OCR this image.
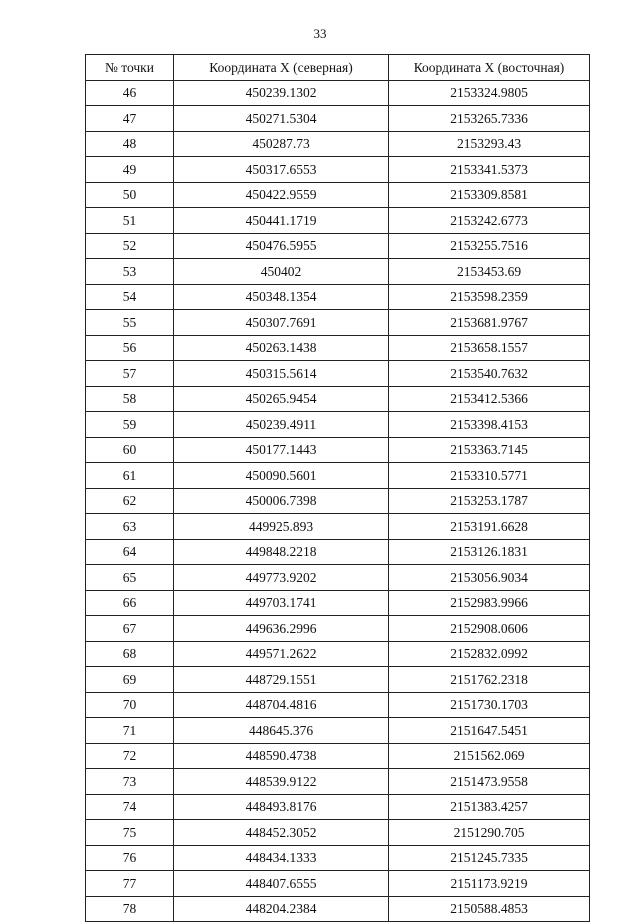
33
№ точки	Координата X (северная)	Координата X (восточная)
46	450239.1302	2153324.9805
47	450271.5304	2153265.7336
48	450287.73	2153293.43
49	450317.6553	2153341.5373
50	450422.9559	2153309.8581
51	450441.1719	2153242.6773
52	450476.5955	2153255.7516
53	450402	2153453.69
54	450348.1354	2153598.2359
55	450307.7691	2153681.9767
56	450263.1438	2153658.1557
57	450315.5614	2153540.7632
58	450265.9454	2153412.5366
59	450239.4911	2153398.4153
60	450177.1443	2153363.7145
61	450090.5601	2153310.5771
62	450006.7398	2153253.1787
63	449925.893	2153191.6628
64	449848.2218	2153126.1831
65	449773.9202	2153056.9034
66	449703.1741	2152983.9966
67	449636.2996	2152908.0606
68	449571.2622	2152832.0992
69	448729.1551	2151762.2318
70	448704.4816	2151730.1703
71	448645.376	2151647.5451
72	448590.4738	2151562.069
73	448539.9122	2151473.9558
74	448493.8176	2151383.4257
75	448452.3052	2151290.705
76	448434.1333	2151245.7335
77	448407.6555	2151173.9219
78	448204.2384	2150588.4853
